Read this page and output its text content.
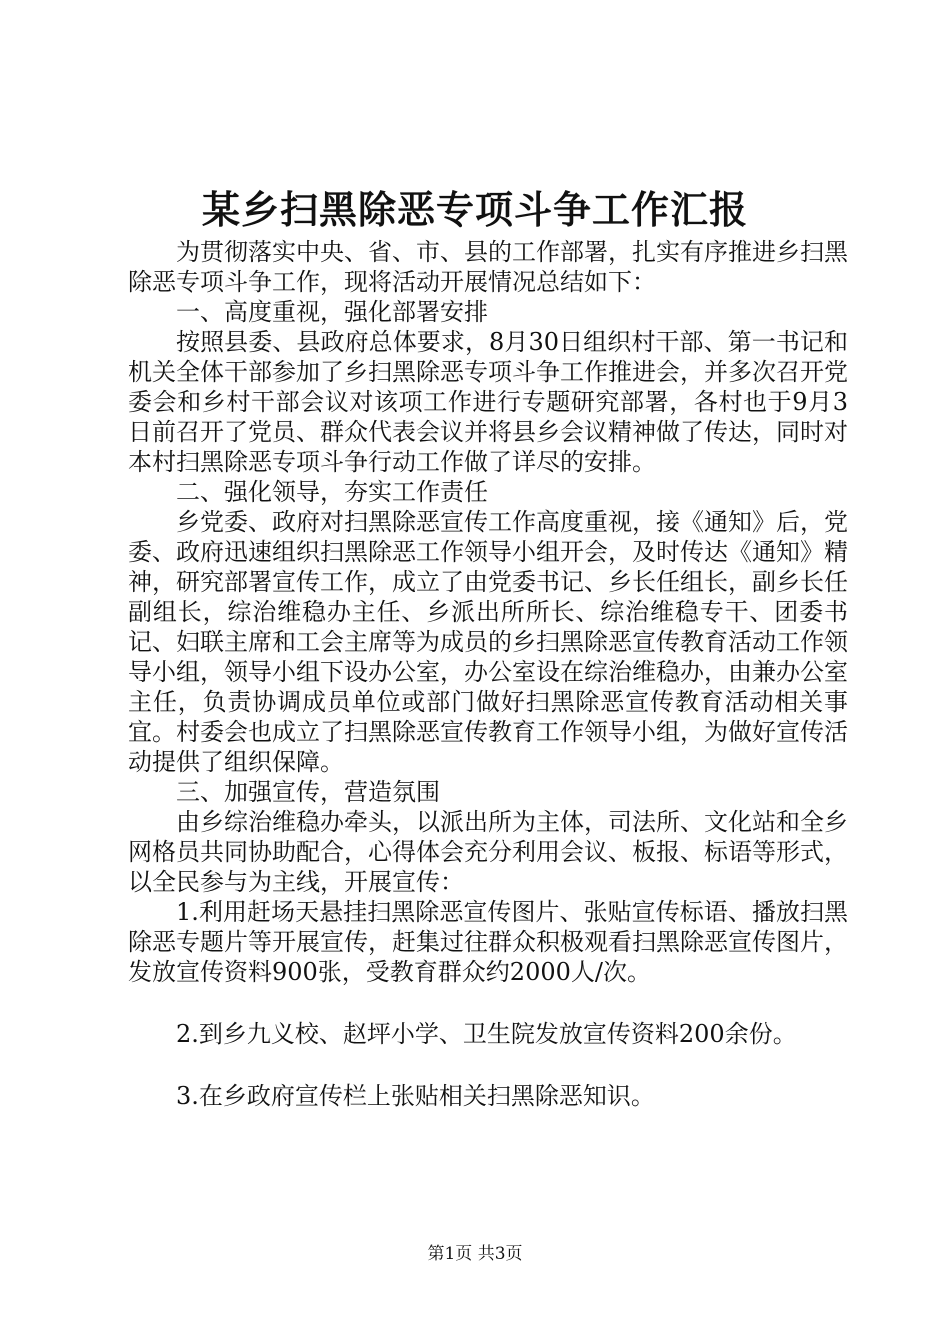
某乡扫黑除恶专项斗争工作汇报

为贯彻落实中央、省、市、县的工作部署，扎实有序推进乡扫黑除恶专项斗争工作，现将活动开展情况总结如下：

一、高度重视，强化部署安排

按照县委、县政府总体要求，8月30日组织村干部、第一书记和机关全体干部参加了乡扫黑除恶专项斗争工作推进会，并多次召开党委会和乡村干部会议对该项工作进行专题研究部署，各村也于9月3日前召开了党员、群众代表会议并将县乡会议精神做了传达，同时对本村扫黑除恶专项斗争行动工作做了详尽的安排。

二、强化领导，夯实工作责任

乡党委、政府对扫黑除恶宣传工作高度重视，接《通知》后，党委、政府迅速组织扫黑除恶工作领导小组开会，及时传达《通知》精神，研究部署宣传工作，成立了由党委书记、乡长任组长，副乡长任副组长，综治维稳办主任、乡派出所所长、综治维稳专干、团委书记、妇联主席和工会主席等为成员的乡扫黑除恶宣传教育活动工作领导小组，领导小组下设办公室，办公室设在综治维稳办，由兼办公室主任，负责协调成员单位或部门做好扫黑除恶宣传教育活动相关事宜。村委会也成立了扫黑除恶宣传教育工作领导小组，为做好宣传活动提供了组织保障。

三、加强宣传，营造氛围

由乡综治维稳办牵头，以派出所为主体，司法所、文化站和全乡网格员共同协助配合，心得体会充分利用会议、板报、标语等形式，以全民参与为主线，开展宣传：

1.利用赶场天悬挂扫黑除恶宣传图片、张贴宣传标语、播放扫黑除恶专题片等开展宣传，赶集过往群众积极观看扫黑除恶宣传图片，发放宣传资料900张，受教育群众约2000人/次。

2.到乡九义校、赵坪小学、卫生院发放宣传资料200余份。

3.在乡政府宣传栏上张贴相关扫黑除恶知识。

第1页 共3页
